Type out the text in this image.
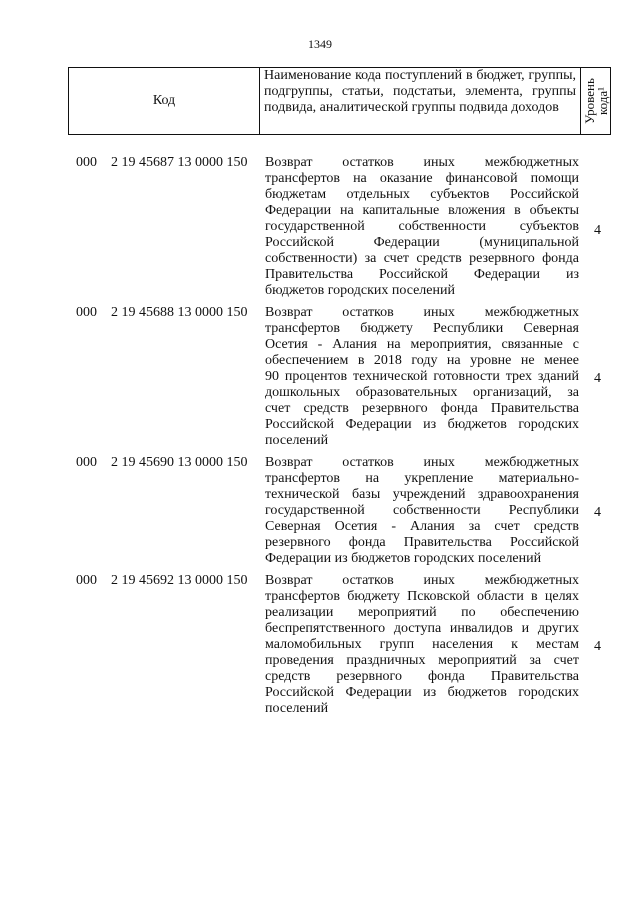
1349
Код
Наименование кода поступлений в бюджет, группы, подгруппы, статьи, подстатьи, элемента, группы подвида, аналитической группы подвида доходов	Уровень кода¹
000 2 19 45687 13 0000 150 Возврат остатков иных межбюджетных
трансфертов на оказание финансовой помощи
бюджетам отдельных субъектов Российской
Федерации на капитальные вложения в объекты
государственной собственности субъектов
Российской Федерации (муниципальной
собственности) за счет средств резервного фонда
Правительства Российской Федерации из
бюджетов городских поселений
4
000 2 19 45688 13 0000 150 Возврат остатков иных межбюджетных
трансфертов бюджету Республики Северная
Осетия - Алания на мероприятия, связанные с
обеспечением в 2018 году на уровне не менее
90 процентов технической готовности трех зданий
дошкольных образовательных организаций, за
счет средств резервного фонда Правительства
Российской Федерации из бюджетов городских
поселений
4
000 2 19 45690 13 0000 150 Возврат остатков иных межбюджетных
трансфертов на укрепление материально-
технической базы учреждений здравоохранения
государственной собственности Республики
Северная Осетия - Алания за счет средств
резервного фонда Правительства Российской
Федерации из бюджетов городских поселений
4
000 2 19 45692 13 0000 150 Возврат остатков иных межбюджетных
трансфертов бюджету Псковской области в целях
реализации мероприятий по обеспечению
беспрепятственного доступа инвалидов и других
маломобильных групп населения к местам
проведения праздничных мероприятий за счет
средств резервного фонда Правительства
Российской Федерации из бюджетов городских
поселений
4
